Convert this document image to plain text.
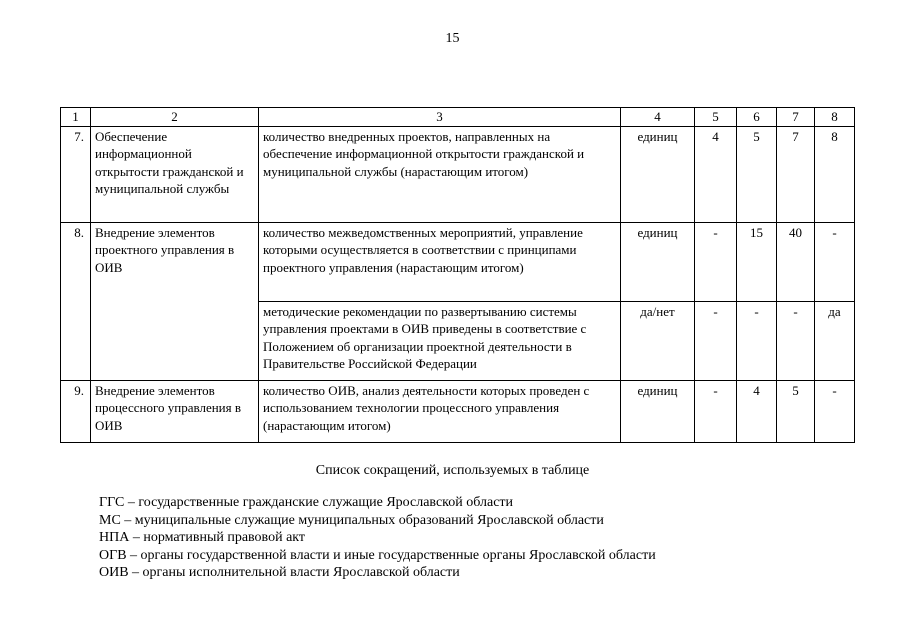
15
1	2	3	4	5	6	7	8
7.	Обеспечение информационной открытости гражданской и муниципальной службы	количество внедренных проектов, направленных на обеспечение информационной открытости гражданской и муниципальной службы (нарастающим итогом)	единиц	4	5	7	8
8.	Внедрение элементов проектного управления в ОИВ	количество межведомственных мероприятий, управление которыми осуществляется в соответствии с принципами проектного управления (нарастающим итогом)	единиц	-	15	40	-
		методические рекомендации по развертыванию системы управления проектами в ОИВ приведены в соответствие с Положением об организации проектной деятельности в Правительстве Российской Федерации	да/нет	-	-	-	да
9.	Внедрение элементов процессного управления в ОИВ	количество ОИВ, анализ деятельности которых проведен с использованием технологии процессного управления (нарастающим итогом)	единиц	-	4	5	-
Список сокращений, используемых в таблице
ГГС – государственные гражданские служащие Ярославской области
МС – муниципальные служащие муниципальных образований Ярославской области
НПА – нормативный правовой акт
ОГВ – органы государственной власти и иные государственные органы Ярославской области
ОИВ – органы исполнительной власти Ярославской области
